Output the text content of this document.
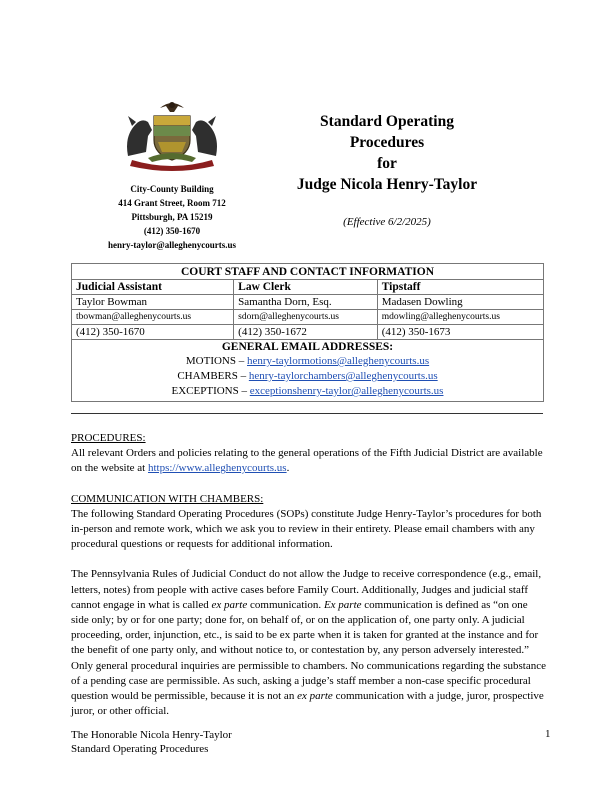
City-County Building
414 Grant Street, Room 712
Pittsburgh, PA 15219
(412) 350-1670
henry-taylor@alleghenycourts.us
Standard Operating
Procedures
for
Judge Nicola Henry-Taylor
(Effective 6/2/2025)
COURT STAFF AND CONTACT INFORMATION		
Judicial Assistant	Law Clerk	Tipstaff
Taylor Bowman	Samantha Dorn, Esq.	Madasen Dowling
tbowman@alleghenycourts.us	sdorn@alleghenycourts.us	mdowling@alleghenycourts.us
(412) 350-1670	(412) 350-1672	(412) 350-1673

GENERAL EMAIL ADDRESSES:
MOTIONS – henry-taylormotions@alleghenycourts.us
CHAMBERS – henry-taylorchambers@alleghenycourts.us
EXCEPTIONS – exceptionshenry-taylor@alleghenycourts.us		

PROCEDURES:

All relevant Orders and policies relating to the general operations of the Fifth Judicial District are available on the website at https://www.alleghenycourts.us.

COMMUNICATION WITH CHAMBERS:

The following Standard Operating Procedures (SOPs) constitute Judge Henry-Taylor’s procedures for both in-person and remote work, which we ask you to review in their entirety. Please email chambers with any procedural questions or requests for additional information.

The Pennsylvania Rules of Judicial Conduct do not allow the Judge to receive correspondence (e.g., email, letters, notes) from people with active cases before Family Court. Additionally, Judges and judicial staff cannot engage in what is called ex parte communication. Ex parte communication is defined as “on one side only; by or for one party; done for, on behalf of, or on the application of, one party only. A judicial proceeding, order, injunction, etc., is said to be ex parte when it is taken for granted at the instance and for the benefit of one party only, and without notice to, or contestation by, any person adversely interested.”

Only general procedural inquiries are permissible to chambers. No communications regarding the substance of a pending case are permissible. As such, asking a judge’s staff member a non-case specific procedural question would be permissible, because it is not an ex parte communication with a judge, juror, prospective juror, or other official.

The Honorable Nicola Henry-Taylor
Standard Operating Procedures
1
